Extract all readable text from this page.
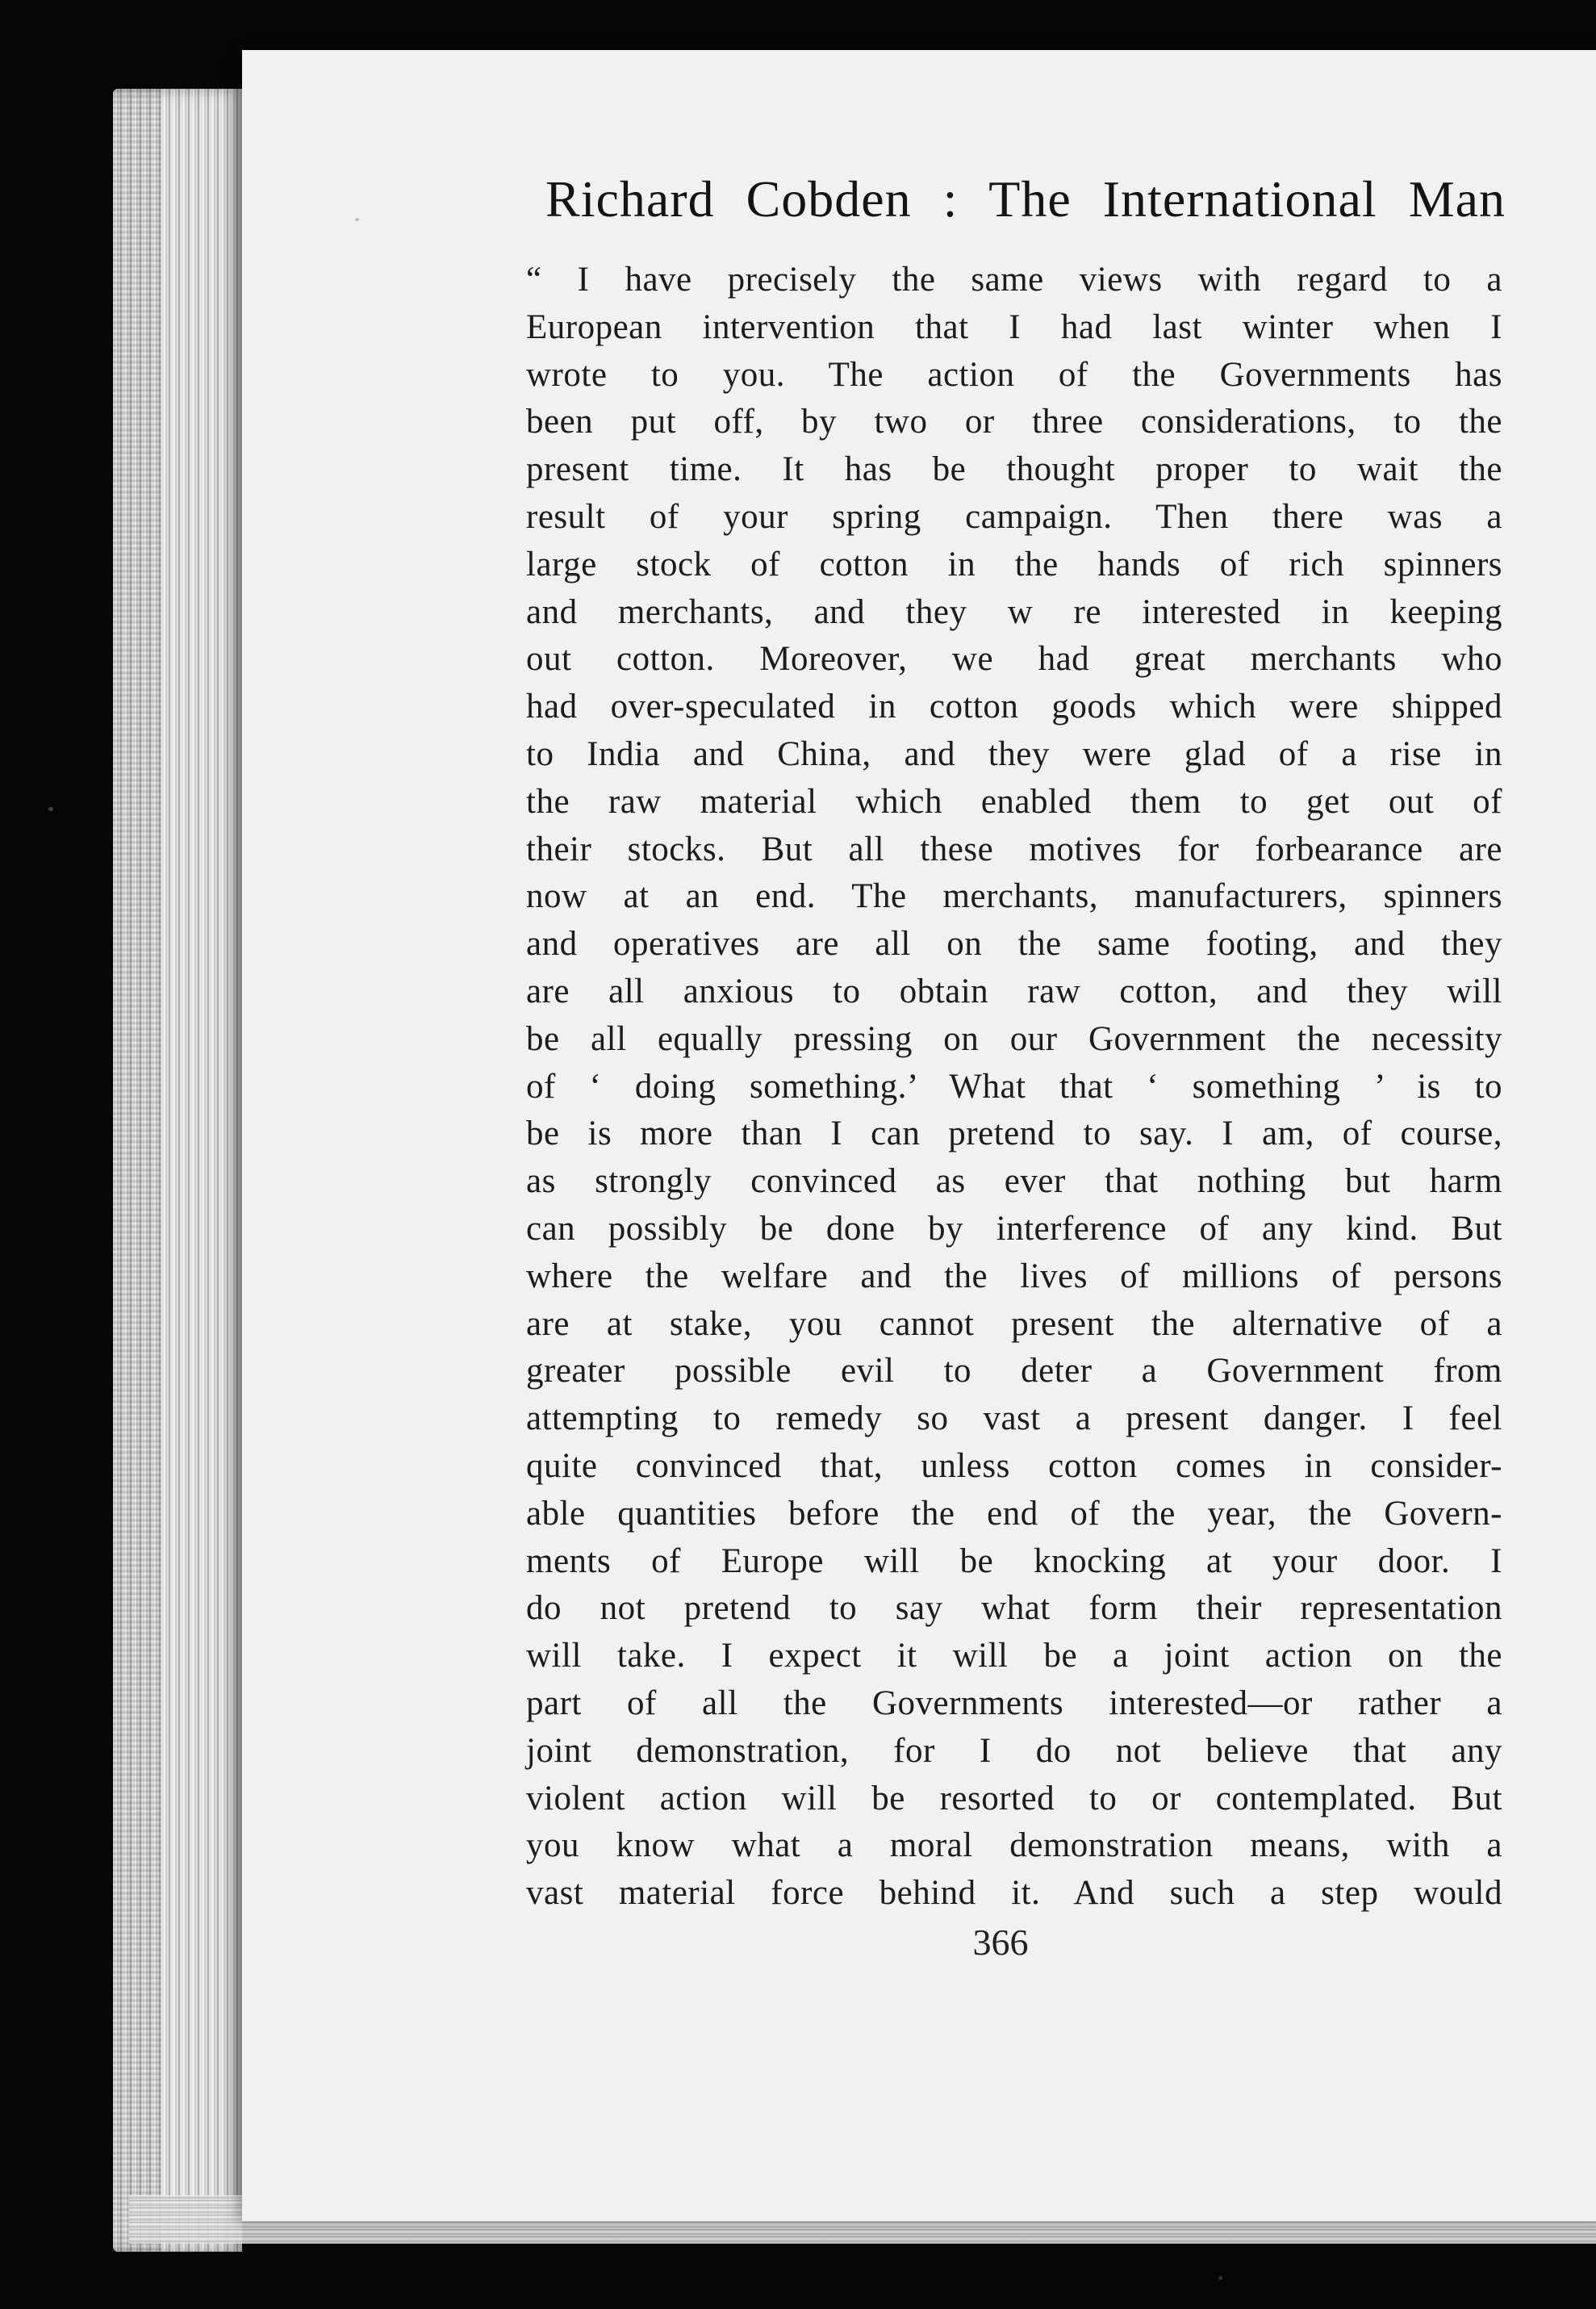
Richard Cobden : The International Man
“ I have precisely the same views with regard to a
European intervention that I had last winter when I
wrote to you. The action of the Governments has
been put off, by two or three considerations, to the
present time. It has be thought proper to wait the
result of your spring campaign. Then there was a
large stock of cotton in the hands of rich spinners
and merchants, and they w re interested in keeping
out cotton. Moreover, we had great merchants who
had over-speculated in cotton goods which were shipped
to India and China, and they were glad of a rise in
the raw material which enabled them to get out of
their stocks. But all these motives for forbearance are
now at an end. The merchants, manufacturers, spinners
and operatives are all on the same footing, and they
are all anxious to obtain raw cotton, and they will
be all equally pressing on our Government the necessity
of ‘ doing something.’ What that ‘ something ’ is to
be is more than I can pretend to say. I am, of course,
as strongly convinced as ever that nothing but harm
can possibly be done by interference of any kind. But
where the welfare and the lives of millions of persons
are at stake, you cannot present the alternative of a
greater possible evil to deter a Government from
attempting to remedy so vast a present danger. I feel
quite convinced that, unless cotton comes in consider-
able quantities before the end of the year, the Govern-
ments of Europe will be knocking at your door. I
do not pretend to say what form their representation
will take. I expect it will be a joint action on the
part of all the Governments interested—or rather a
joint demonstration, for I do not believe that any
violent action will be resorted to or contemplated. But
you know what a moral demonstration means, with a
vast material force behind it. And such a step would
366
